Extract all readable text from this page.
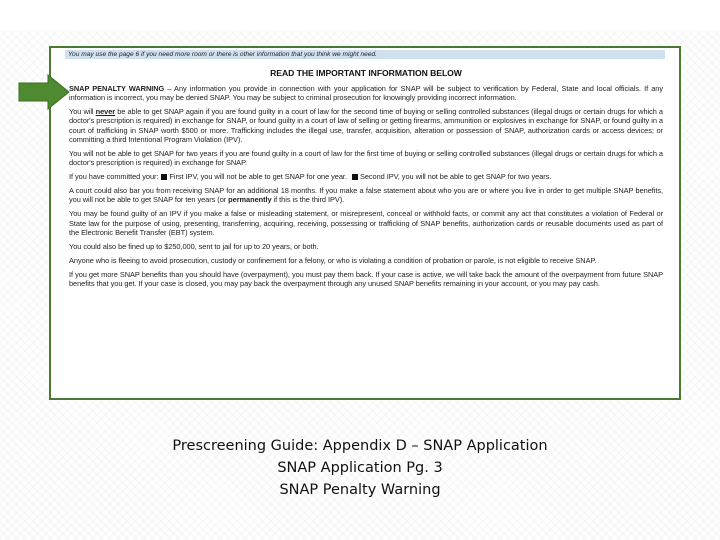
You may use the page 6 if you need more room or there is other information that you think we might need.
READ THE IMPORTANT INFORMATION BELOW

SNAP PENALTY WARNING – Any information you provide in connection with your application for SNAP will be subject to verification by Federal, State and local officials. If any information is incorrect, you may be denied SNAP. You may be subject to criminal prosecution for knowingly providing incorrect information.

You will never be able to get SNAP again if you are found guilty in a court of law for the second time of buying or selling controlled substances (illegal drugs or certain drugs for which a doctor's prescription is required) in exchange for SNAP, or found guilty in a court of law of selling or getting firearms, ammunition or explosives in exchange for SNAP, or found guilty in a court of trafficking in SNAP worth $500 or more. Trafficking includes the illegal use, transfer, acquisition, alteration or possession of SNAP, authorization cards or access devices; or committing a third Intentional Program Violation (IPV).

You will not be able to get SNAP for two years if you are found guilty in a court of law for the first time of buying or selling controlled substances (illegal drugs or certain drugs for which a doctor's prescription is required) in exchange for SNAP.

If you have committed your: First IPV, you will not be able to get SNAP for one year. Second IPV, you will not be able to get SNAP for two years.

A court could also bar you from receiving SNAP for an additional 18 months. If you make a false statement about who you are or where you live in order to get multiple SNAP benefits, you will not be able to get SNAP for ten years (or permanently if this is the third IPV).

You may be found guilty of an IPV if you make a false or misleading statement, or misrepresent, conceal or withhold facts, or commit any act that constitutes a violation of Federal or State law for the purpose of using, presenting, transferring, acquiring, receiving, possessing or trafficking of SNAP benefits, authorization cards or reusable documents used as part of the Electronic Benefit Transfer (EBT) system.

You could also be fined up to $250,000, sent to jail for up to 20 years, or both.

Anyone who is fleeing to avoid prosecution, custody or confinement for a felony, or who is violating a condition of probation or parole, is not eligible to receive SNAP.

If you get more SNAP benefits than you should have (overpayment), you must pay them back. If your case is active, we will take back the amount of the overpayment from future SNAP benefits that you get. If your case is closed, you may pay back the overpayment through any unused SNAP benefits remaining in your account, or you may pay cash.

Prescreening Guide: Appendix D – SNAP Application
SNAP Application Pg. 3
SNAP Penalty Warning
